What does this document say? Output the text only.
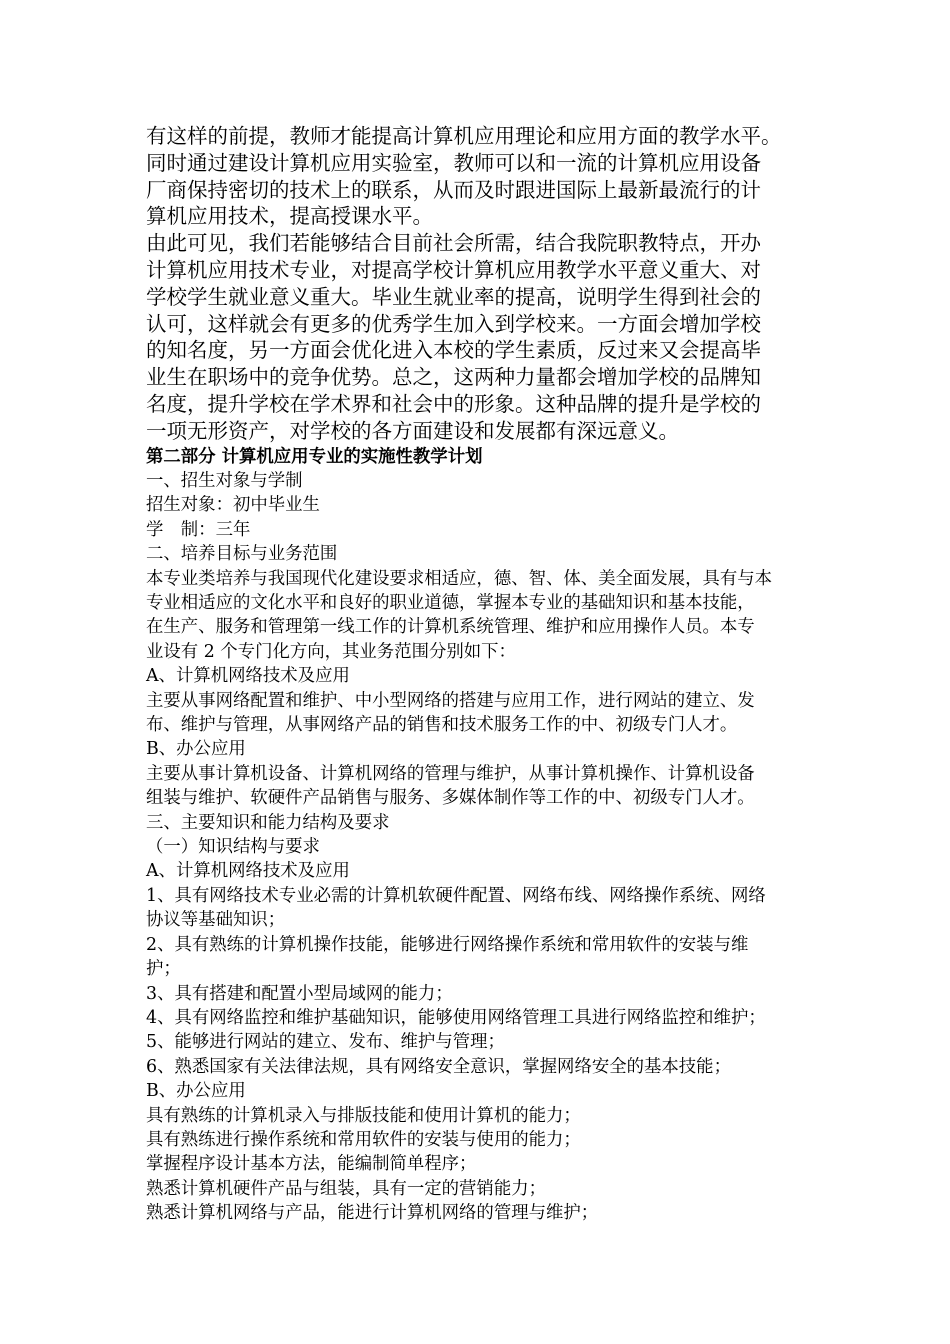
有这样的前提，教师才能提高计算机应用理论和应用方面的教学水平。

同时通过建设计算机应用实验室，教师可以和一流的计算机应用设备

厂商保持密切的技术上的联系，从而及时跟进国际上最新最流行的计

算机应用技术，提高授课水平。

由此可见，我们若能够结合目前社会所需，结合我院职教特点，开办

计算机应用技术专业，对提高学校计算机应用教学水平意义重大、对

学校学生就业意义重大。毕业生就业率的提高，说明学生得到社会的

认可，这样就会有更多的优秀学生加入到学校来。一方面会增加学校

的知名度，另一方面会优化进入本校的学生素质，反过来又会提高毕

业生在职场中的竞争优势。总之，这两种力量都会增加学校的品牌知

名度，提升学校在学术界和社会中的形象。这种品牌的提升是学校的

一项无形资产，对学校的各方面建设和发展都有深远意义。

第二部分 计算机应用专业的实施性教学计划

一、招生对象与学制

招生对象：初中毕业生

学　制：三年

二、培养目标与业务范围

本专业类培养与我国现代化建设要求相适应，德、智、体、美全面发展，具有与本

专业相适应的文化水平和良好的职业道德，掌握本专业的基础知识和基本技能，

在生产、服务和管理第一线工作的计算机系统管理、维护和应用操作人员。本专

业设有 2 个专门化方向，其业务范围分别如下：

A、计算机网络技术及应用

主要从事网络配置和维护、中小型网络的搭建与应用工作，进行网站的建立、发

布、维护与管理，从事网络产品的销售和技术服务工作的中、初级专门人才。

B、办公应用

主要从事计算机设备、计算机网络的管理与维护，从事计算机操作、计算机设备

组装与维护、软硬件产品销售与服务、多媒体制作等工作的中、初级专门人才。

三、主要知识和能力结构及要求

（一）知识结构与要求

A、计算机网络技术及应用

1、具有网络技术专业必需的计算机软硬件配置、网络布线、网络操作系统、网络

协议等基础知识；

2、具有熟练的计算机操作技能，能够进行网络操作系统和常用软件的安装与维

护；

3、具有搭建和配置小型局域网的能力；

4、具有网络监控和维护基础知识，能够使用网络管理工具进行网络监控和维护；

5、能够进行网站的建立、发布、维护与管理；

6、熟悉国家有关法律法规，具有网络安全意识，掌握网络安全的基本技能；

B、办公应用

具有熟练的计算机录入与排版技能和使用计算机的能力；

具有熟练进行操作系统和常用软件的安装与使用的能力；

掌握程序设计基本方法，能编制简单程序；

熟悉计算机硬件产品与组装，具有一定的营销能力；

熟悉计算机网络与产品，能进行计算机网络的管理与维护；
